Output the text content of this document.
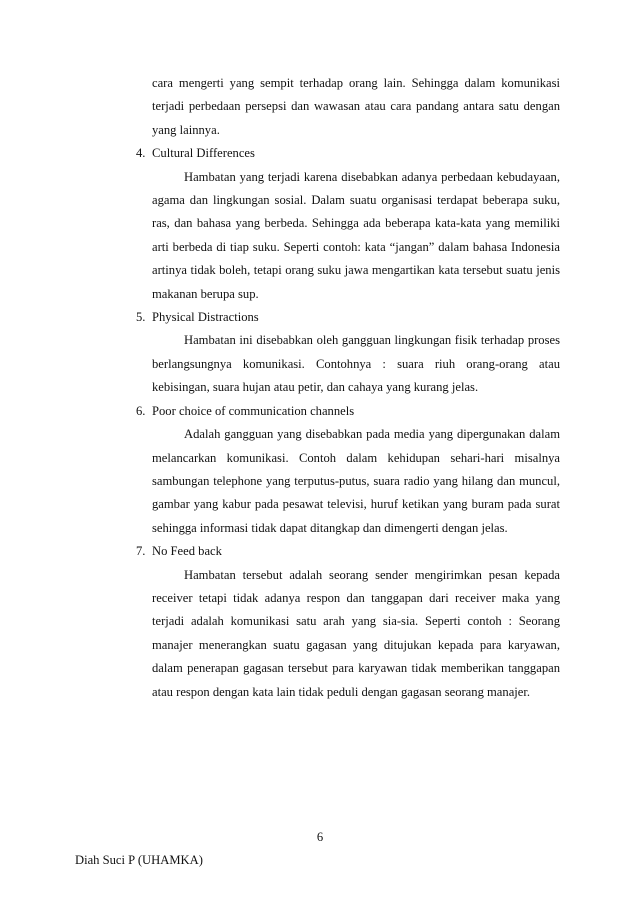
cara mengerti yang sempit terhadap orang lain. Sehingga dalam komunikasi terjadi perbedaan persepsi dan wawasan atau cara pandang antara satu dengan yang lainnya.

4. Cultural Differences

Hambatan yang terjadi karena disebabkan adanya perbedaan kebudayaan, agama dan lingkungan sosial. Dalam suatu organisasi terdapat beberapa suku, ras, dan bahasa yang berbeda. Sehingga ada beberapa kata-kata yang memiliki arti berbeda di tiap suku. Seperti contoh: kata “jangan” dalam bahasa Indonesia artinya tidak boleh, tetapi orang suku jawa mengartikan kata tersebut suatu jenis makanan berupa sup.

5. Physical Distractions

Hambatan ini disebabkan oleh gangguan lingkungan fisik terhadap proses berlangsungnya komunikasi. Contohnya : suara riuh orang-orang atau kebisingan, suara hujan atau petir, dan cahaya yang kurang jelas.

6. Poor choice of communication channels

Adalah gangguan yang disebabkan pada media yang dipergunakan dalam melancarkan komunikasi. Contoh dalam kehidupan sehari-hari misalnya sambungan telephone yang terputus-putus, suara radio yang hilang dan muncul, gambar yang kabur pada pesawat televisi, huruf ketikan yang buram pada surat sehingga informasi tidak dapat ditangkap dan dimengerti dengan jelas.

7. No Feed back

Hambatan tersebut adalah seorang sender mengirimkan pesan kepada receiver tetapi tidak adanya respon dan tanggapan dari receiver maka yang terjadi adalah komunikasi satu arah yang sia-sia. Seperti contoh : Seorang manajer menerangkan suatu gagasan yang ditujukan kepada para karyawan, dalam penerapan gagasan tersebut para karyawan tidak memberikan tanggapan atau respon dengan kata lain tidak peduli dengan gagasan seorang manajer.

6
Diah Suci P (UHAMKA)
